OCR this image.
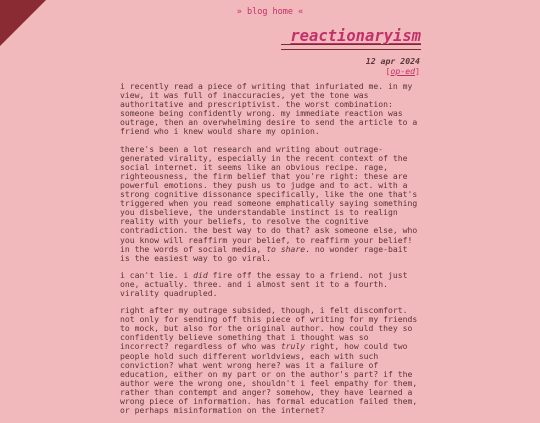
» blog home «
reactionaryism
12 apr 2024
[op-ed]

i recently read a piece of writing that infuriated me. in my view, it was full of inaccuracies, yet the tone was authoritative and prescriptivist. the worst combination: someone being confidently wrong. my immediate reaction was outrage, then an overwhelming desire to send the article to a friend who i knew would share my opinion.

there's been a lot research and writing about outrage-generated virality, especially in the recent context of the social internet. it seems like an obvious recipe. rage, righteousness, the firm belief that you're right: these are powerful emotions. they push us to judge and to act. with a strong cognitive dissonance specifically, like the one that's triggered when you read someone emphatically saying something you disbelieve, the understandable instinct is to realign reality with your beliefs, to resolve the cognitive contradiction. the best way to do that? ask someone else, who you know will reaffirm your belief, to reaffirm your belief! in the words of social media, to share. no wonder rage-bait is the easiest way to go viral.

i can't lie. i did fire off the essay to a friend. not just one, actually. three. and i almost sent it to a fourth. virality quadrupled.

right after my outrage subsided, though, i felt discomfort. not only for sending off this piece of writing for my friends to mock, but also for the original author. how could they so confidently believe something that i thought was so incorrect? regardless of who was truly right, how could two people hold such different worldviews, each with such conviction? what went wrong here? was it a failure of education, either on my part or on the author's part? if the author were the wrong one, shouldn't i feel empathy for them, rather than contempt and anger? somehow, they have learned a wrong piece of information. has formal education failed them, or perhaps misinformation on the internet?
